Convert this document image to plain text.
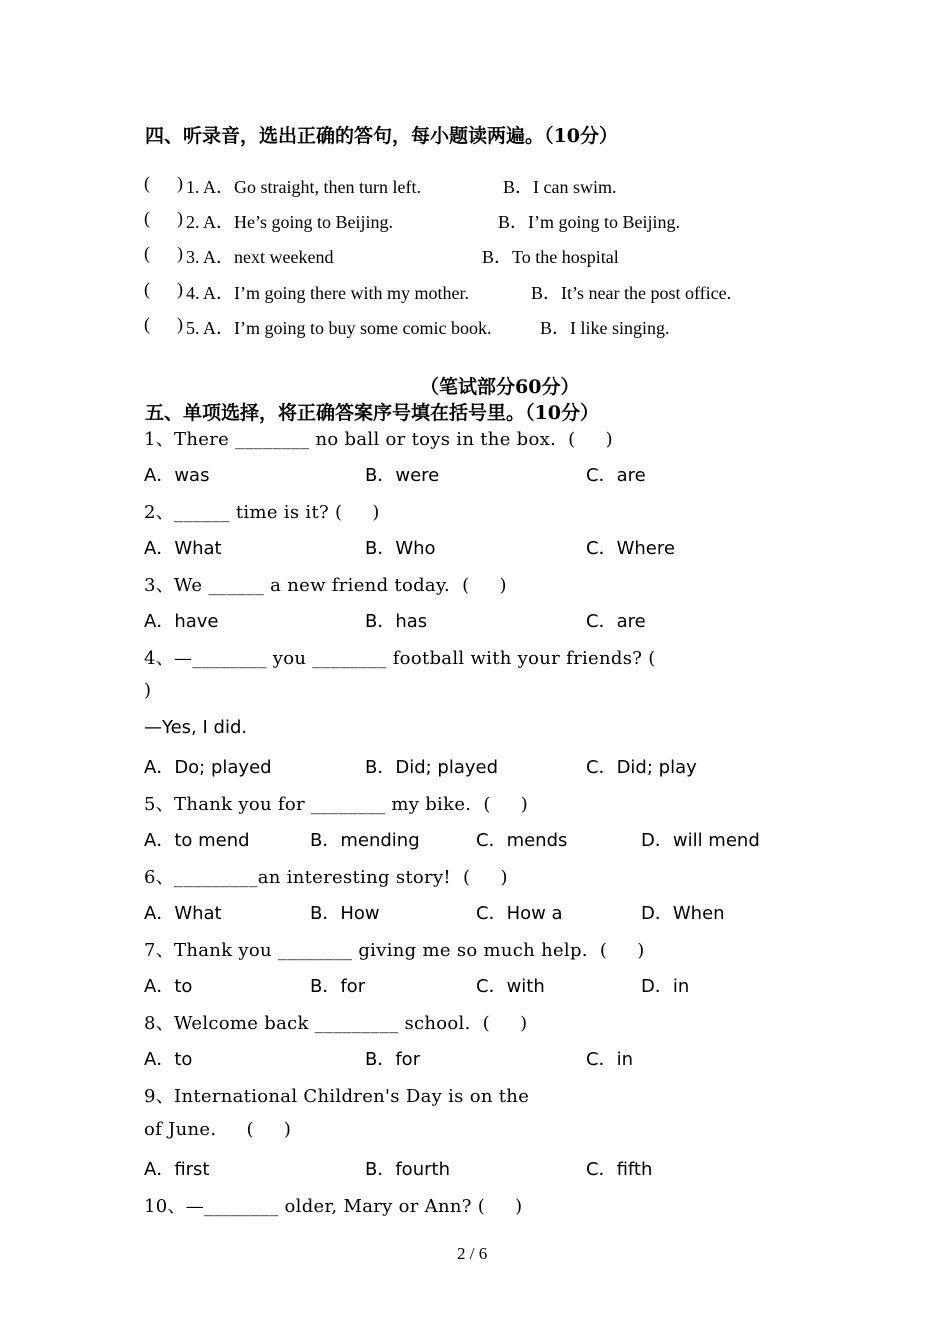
四、听录音，选出正确的答句，每小题读两遍。（10分）
(      ) 1. A．Go straight, then turn left.	B．I can swim.
(      ) 2. A．He’s going to Beijing.	B．I’m going to Beijing.
(      ) 3. A．next weekend	B．To the hospital
(      ) 4. A．I’m going there with my mother.	B．It’s near the post office.
(      ) 5. A．I’m going to buy some comic book.	B．I like singing.
（笔试部分60分）
五、单项选择，将正确答案序号填在括号里。（10分）
1、There ________ no ball or toys in the box.  (     )
A．was	B．were	C．are
2、______ time is it? (     )
A．What	B．Who	C．Where
3、We ______ a new friend today.  (     )
A．have	B．has	C．are
4、—________ you ________ football with your friends? (
)
—Yes, I did.
A．Do; played	B．Did; played	C．Did; play
5、Thank you for ________ my bike.  (     )
A．to mend	B．mending	C．mends	D．will mend
6、_________an interesting story!  (     )
A．What	B．How	C．How a	D．When
7、Thank you ________ giving me so much help.  (     )
A．to	B．for	C．with	D．in
8、Welcome back _________ school.  (     )
A．to	B．for	C．in
9、International Children's Day is on the
of June.     (     )
A．first	B．fourth	C．fifth
10、—________ older, Mary or Ann? (     )
2 / 6
